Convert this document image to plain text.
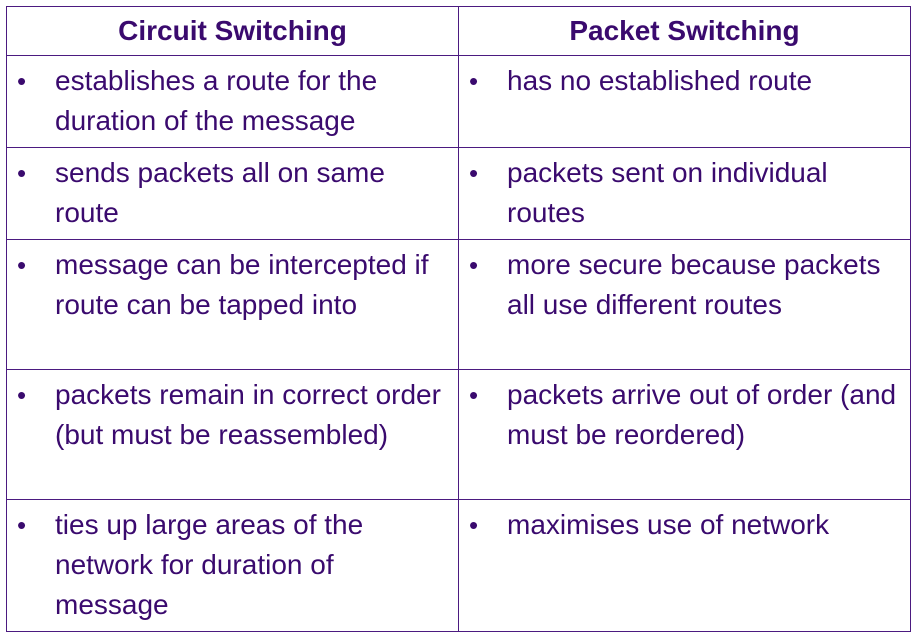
Circuit Switching	Packet Switching

• establishes a route for the duration of the message	• has no established route

• sends packets all on same route	• packets sent on individual routes

• message can be intercepted if route can be tapped into	• more secure because packets all use different routes

• packets remain in correct order (but must be reassembled)	• packets arrive out of order (and must be reordered)

• ties up large areas of the network for duration of message	• maximises use of network
